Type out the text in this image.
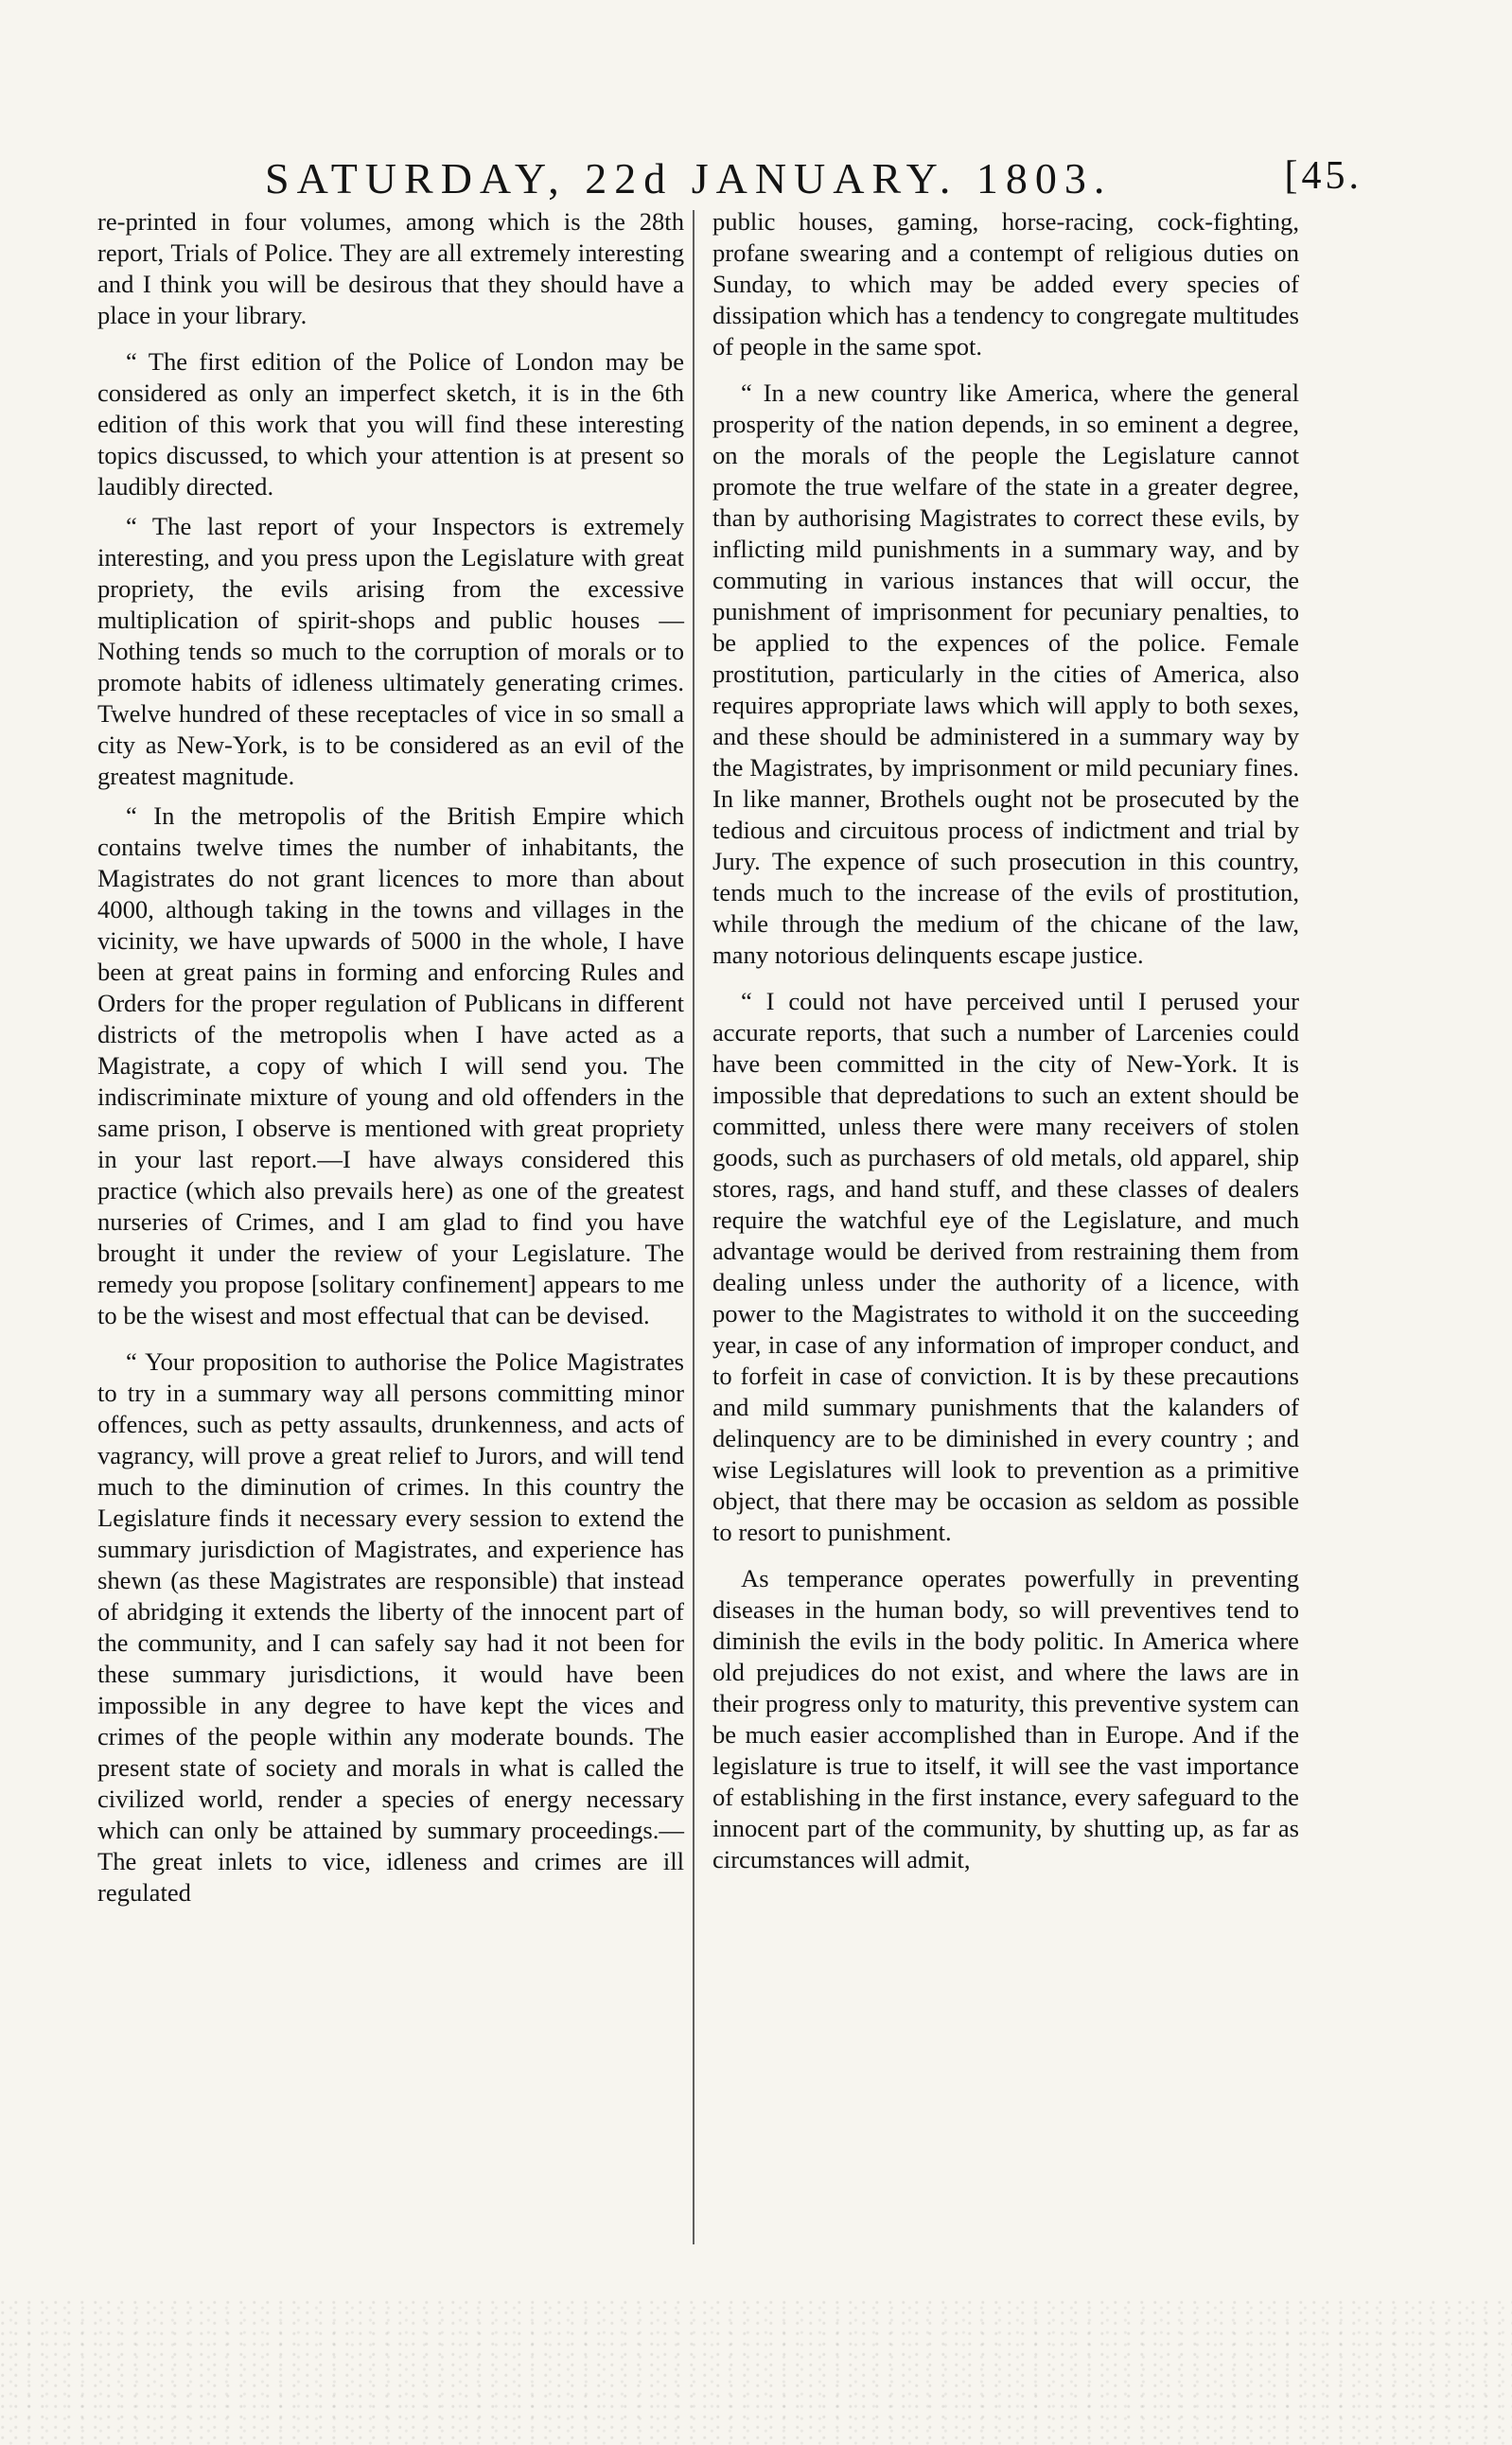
SATURDAY, 22d JANUARY. 1803.	[45.

re-printed in four volumes, among which is the 28th report, Trials of Police. They are all extremely interesting and I think you will be desirous that they should have a place in your library.

“ The first edition of the Police of London may be considered as only an imperfect sketch, it is in the 6th edition of this work that you will find these interesting topics discussed, to which your attention is at present so laudibly directed.

“ The last report of your Inspectors is extremely interesting, and you press upon the Legislature with great propriety, the evils arising from the excessive multiplication of spirit-shops and public houses —Nothing tends so much to the corruption of morals or to promote habits of idleness ultimately generating crimes. Twelve hundred of these receptacles of vice in so small a city as New-York, is to be considered as an evil of the greatest magnitude.

“ In the metropolis of the British Empire which contains twelve times the number of inhabitants, the Magistrates do not grant licences to more than about 4000, although taking in the towns and villages in the vicinity, we have upwards of 5000 in the whole, I have been at great pains in forming and enforcing Rules and Orders for the proper regulation of Publicans in different districts of the metropolis when I have acted as a Magistrate, a copy of which I will send you. The indiscriminate mixture of young and old offenders in the same prison, I observe is mentioned with great propriety in your last report.—I have always considered this practice (which also prevails here) as one of the greatest nurseries of Crimes, and I am glad to find you have brought it under the review of your Legislature. The remedy you propose [solitary confinement] appears to me to be the wisest and most effectual that can be devised.

“ Your proposition to authorise the Police Magistrates to try in a summary way all persons committing minor offences, such as petty assaults, drunkenness, and acts of vagrancy, will prove a great relief to Jurors, and will tend much to the diminution of crimes. In this country the Legislature finds it necessary every session to extend the summary jurisdiction of Magistrates, and experience has shewn (as these Magistrates are responsible) that instead of abridging it extends the liberty of the innocent part of the community, and I can safely say had it not been for these summary jurisdictions, it would have been impossible in any degree to have kept the vices and crimes of the people within any moderate bounds. The present state of society and morals in what is called the civilized world, render a species of energy necessary which can only be attained by summary proceedings.—The great inlets to vice, idleness and crimes are ill regulated

public houses, gaming, horse-racing, cock-fighting, profane swearing and a contempt of religious duties on Sunday, to which may be added every species of dissipation which has a tendency to congregate multitudes of people in the same spot.

“ In a new country like America, where the general prosperity of the nation depends, in so eminent a degree, on the morals of the people the Legislature cannot promote the true welfare of the state in a greater degree, than by authorising Magistrates to correct these evils, by inflicting mild punishments in a summary way, and by commuting in various instances that will occur, the punishment of imprisonment for pecuniary penalties, to be applied to the expences of the police. Female prostitution, particularly in the cities of America, also requires appropriate laws which will apply to both sexes, and these should be administered in a summary way by the Magistrates, by imprisonment or mild pecuniary fines. In like manner, Brothels ought not be prosecuted by the tedious and circuitous process of indictment and trial by Jury. The expence of such prosecution in this country, tends much to the increase of the evils of prostitution, while through the medium of the chicane of the law, many notorious delinquents escape justice.

“ I could not have perceived until I perused your accurate reports, that such a number of Larcenies could have been committed in the city of New-York. It is impossible that depredations to such an extent should be committed, unless there were many receivers of stolen goods, such as purchasers of old metals, old apparel, ship stores, rags, and hand stuff, and these classes of dealers require the watchful eye of the Legislature, and much advantage would be derived from restraining them from dealing unless under the authority of a licence, with power to the Magistrates to withold it on the succeeding year, in case of any information of improper conduct, and to forfeit in case of conviction. It is by these precautions and mild summary punishments that the kalanders of delinquency are to be diminished in every country ; and wise Legislatures will look to prevention as a primitive object, that there may be occasion as seldom as possible to resort to punishment.

As temperance operates powerfully in preventing diseases in the human body, so will preventives tend to diminish the evils in the body politic. In America where old prejudices do not exist, and where the laws are in their progress only to maturity, this preventive system can be much easier accomplished than in Europe. And if the legislature is true to itself, it will see the vast importance of establishing in the first instance, every safeguard to the innocent part of the community, by shutting up, as far as circumstances will admit,
